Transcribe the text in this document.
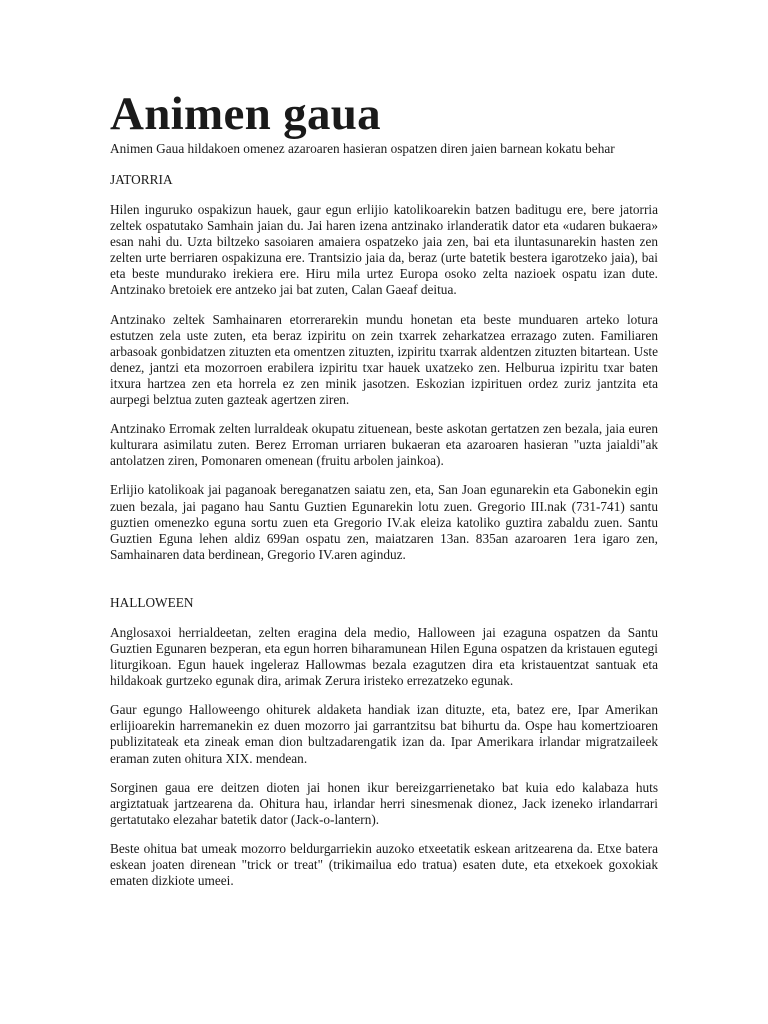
Animen gaua
Animen Gaua hildakoen omenez azaroaren hasieran ospatzen diren jaien barnean kokatu behar
JATORRIA

Hilen inguruko ospakizun hauek, gaur egun erlijio katolikoarekin batzen baditugu ere, bere jatorria zeltek ospatutako Samhain jaian du. Jai haren izena antzinako irlanderatik dator eta «udaren bukaera» esan nahi du. Uzta biltzeko sasoiaren amaiera ospatzeko jaia zen, bai eta iluntasunarekin hasten zen zelten urte berriaren ospakizuna ere. Trantsizio jaia da, beraz (urte batetik bestera igarotzeko jaia), bai eta beste mundurako irekiera ere. Hiru mila urtez Europa osoko zelta nazioek ospatu izan dute. Antzinako bretoiek ere antzeko jai bat zuten, Calan Gaeaf deitua.

Antzinako zeltek Samhainaren etorrerarekin mundu honetan eta beste munduaren arteko lotura estutzen zela uste zuten, eta beraz izpiritu on zein txarrek zeharkatzea errazago zuten. Familiaren arbasoak gonbidatzen zituzten eta omentzen zituzten, izpiritu txarrak aldentzen zituzten bitartean. Uste denez, jantzi eta mozorroen erabilera izpiritu txar hauek uxatzeko zen. Helburua izpiritu txar baten itxura hartzea zen eta horrela ez zen minik jasotzen. Eskozian izpirituen ordez zuriz jantzita eta aurpegi belztua zuten gazteak agertzen ziren.

Antzinako Erromak zelten lurraldeak okupatu zituenean, beste askotan gertatzen zen bezala, jaia euren kulturara asimilatu zuten. Berez Erroman urriaren bukaeran eta azaroaren hasieran "uzta jaialdi"ak antolatzen ziren, Pomonaren omenean (fruitu arbolen jainkoa).

Erlijio katolikoak jai paganoak bereganatzen saiatu zen, eta, San Joan egunarekin eta Gabonekin egin zuen bezala, jai pagano hau Santu Guztien Egunarekin lotu zuen. Gregorio III.nak (731-741) santu guztien omenezko eguna sortu zuen eta Gregorio IV.ak eleiza katoliko guztira zabaldu zuen. Santu Guztien Eguna lehen aldiz 699an ospatu zen, maiatzaren 13an. 835an azaroaren 1era igaro zen, Samhainaren data berdinean, Gregorio IV.aren aginduz.

HALLOWEEN

Anglosaxoi herrialdeetan, zelten eragina dela medio, Halloween jai ezaguna ospatzen da Santu Guztien Egunaren bezperan, eta egun horren biharamunean Hilen Eguna ospatzen da kristauen egutegi liturgikoan. Egun hauek ingeleraz Hallowmas bezala ezagutzen dira eta kristauentzat santuak eta hildakoak gurtzeko egunak dira, arimak Zerura iristeko errezatzeko egunak.

Gaur egungo Halloweengo ohiturek aldaketa handiak izan dituzte, eta, batez ere, Ipar Amerikan erlijioarekin harremanekin ez duen mozorro jai garrantzitsu bat bihurtu da. Ospe hau komertzioaren publizitateak eta zineak eman dion bultzadarengatik izan da. Ipar Amerikara irlandar migratzaileek eraman zuten ohitura XIX. mendean.

Sorginen gaua ere deitzen dioten jai honen ikur bereizgarrienetako bat kuia edo kalabaza huts argiztatuak jartzearena da. Ohitura hau, irlandar herri sinesmenak dionez, Jack izeneko irlandarrari gertatutako elezahar batetik dator (Jack-o-lantern).

Beste ohitua bat umeak mozorro beldurgarriekin auzoko etxeetatik eskean aritzearena da. Etxe batera eskean joaten direnean "trick or treat" (trikimailua edo tratua) esaten dute, eta etxekoek goxokiak ematen dizkiote umeei.
